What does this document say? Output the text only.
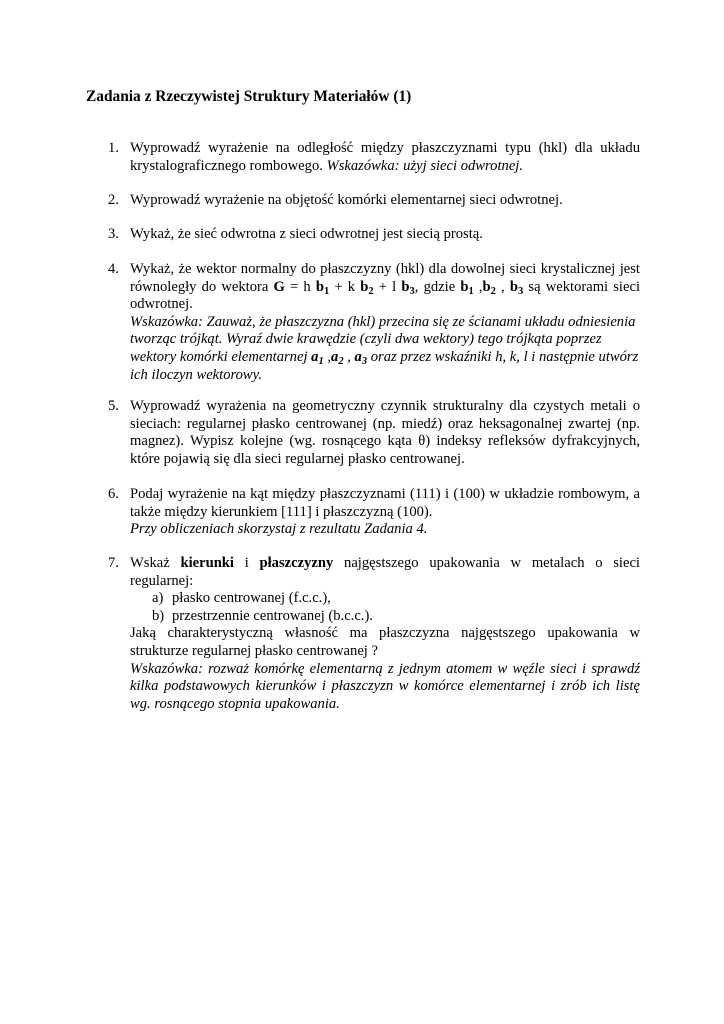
Zadania z Rzeczywistej Struktury Materiałów (1)
1. Wyprowadź wyrażenie na odległość między płaszczyznami typu (hkl) dla układu krystalograficznego rombowego. Wskazówka: użyj sieci odwrotnej.
2. Wyprowadź wyrażenie na objętość komórki elementarnej sieci odwrotnej.
3. Wykaż, że sieć odwrotna z sieci odwrotnej jest siecią prostą.
4. Wykaż, że wektor normalny do płaszczyzny (hkl) dla dowolnej sieci krystalicznej jest równoległy do wektora G = h $b_1 + k$ $b_2 + l$ $b_3$, gdzie $b_1$ $,b_2$ , $b_3$ są wektorami sieci odwrotnej.
Wskazówka: Zauważ, że płaszczyzna (hkl) przecina się ze ścianami układu odniesienia tworząc trójkąt. Wyraź dwie krawędzie (czyli dwa wektory) tego trójkąta poprzez wektory komórki elementarnej $a_1$ $,a_2$ , $a_3$ oraz przez wskaźniki h, k, l i następnie utwórz ich iloczyn wektorowy.
5. Wyprowadź wyrażenia na geometryczny czynnik strukturalny dla czystych metali o sieciach: regularnej płasko centrowanej (np. miedź) oraz heksagonalnej zwartej (np. magnez). Wypisz kolejne (wg. rosnącego kąta θ) indeksy refleksów dyfrakcyjnych, które pojawią się dla sieci regularnej płasko centrowanej.
6. Podaj wyrażenie na kąt między płaszczyznami (111) i (100) w układzie rombowym, a także między kierunkiem [111] i płaszczyzną (100).
Przy obliczeniach skorzystaj z rezultatu Zadania 4.
7. Wskaż kierunki i płaszczyzny najgęstszego upakowania w metalach o sieci regularnej:
a) płasko centrowanej (f.c.c.),
b) przestrzennie centrowanej (b.c.c.).
Jaką charakterystyczną własność ma płaszczyzna najgęstszego upakowania w strukturze regularnej płasko centrowanej ?
Wskazówka: rozważ komórkę elementarną z jednym atomem w węźle sieci i sprawdź kilka podstawowych kierunków i płaszczyzn w komórce elementarnej i zrób ich listę wg. rosnącego stopnia upakowania.
